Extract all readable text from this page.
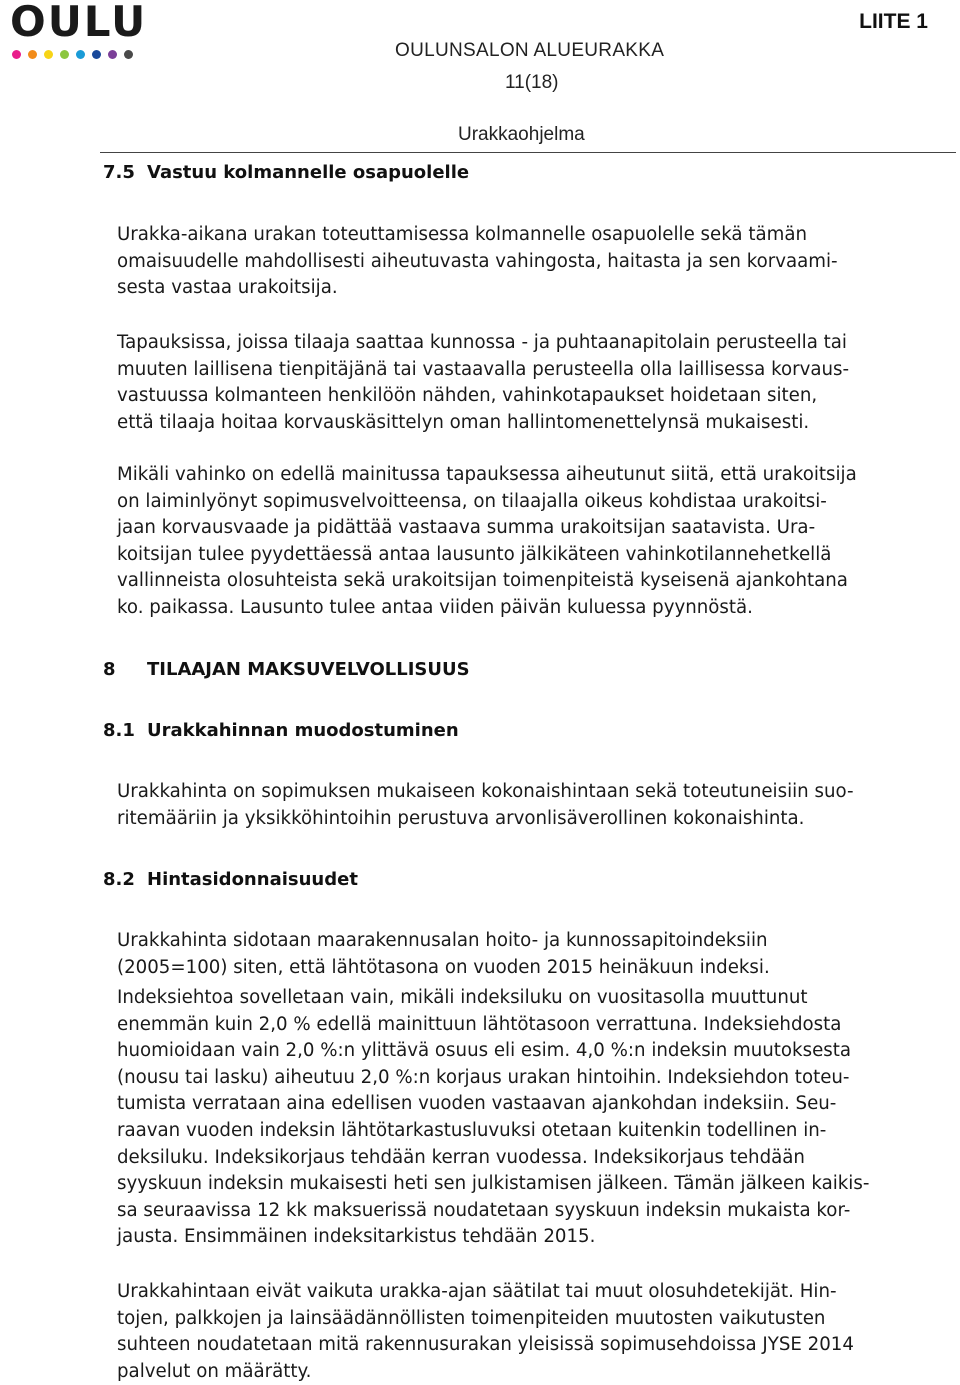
OULU	LIITE 1
OULUNSALON ALUEURAKKA
11(18)
Urakkaohjelma
7.5 Vastuu kolmannelle osapuolelle
Urakka-aikana urakan toteuttamisessa kolmannelle osapuolelle sekä tämän
omaisuudelle mahdollisesti aiheutuvasta vahingosta, haitasta ja sen korvaami-
sesta vastaa urakoitsija.
Tapauksissa, joissa tilaaja saattaa kunnossa - ja puhtaanapitolain perusteella tai
muuten laillisena tienpitäjänä tai vastaavalla perusteella olla laillisessa korvaus-
vastuussa kolmanteen henkilöön nähden, vahinkotapaukset hoidetaan siten,
että tilaaja hoitaa korvauskäsittelyn oman hallintomenettelynsä mukaisesti.
Mikäli vahinko on edellä mainitussa tapauksessa aiheutunut siitä, että urakoitsija
on laiminlyönyt sopimusvelvoitteensa, on tilaajalla oikeus kohdistaa urakoitsi-
jaan korvausvaade ja pidättää vastaava summa urakoitsijan saatavista. Ura-
koitsijan tulee pyydettäessä antaa lausunto jälkikäteen vahinkotilannehetkellä
vallinneista olosuhteista sekä urakoitsijan toimenpiteistä kyseisenä ajankohtana
ko. paikassa. Lausunto tulee antaa viiden päivän kuluessa pyynnöstä.
8 TILAAJAN MAKSUVELVOLLISUUS
8.1 Urakkahinnan muodostuminen
Urakkahinta on sopimuksen mukaiseen kokonaishintaan sekä toteutuneisiin suo-
ritemääriin ja yksikköhintoihin perustuva arvonlisäverollinen kokonaishinta.
8.2 Hintasidonnaisuudet
Urakkahinta sidotaan maarakennusalan hoito- ja kunnossapitoindeksiin
(2005=100) siten, että lähtötasona on vuoden 2015 heinäkuun indeksi.
Indeksiehtoa sovelletaan vain, mikäli indeksiluku on vuositasolla muuttunut
enemmän kuin 2,0 % edellä mainittuun lähtötasoon verrattuna. Indeksiehdosta
huomioidaan vain 2,0 %:n ylittävä osuus eli esim. 4,0 %:n indeksin muutoksesta
(nousu tai lasku) aiheutuu 2,0 %:n korjaus urakan hintoihin. Indeksiehdon toteu-
tumista verrataan aina edellisen vuoden vastaavan ajankohdan indeksiin. Seu-
raavan vuoden indeksin lähtötarkastusluvuksi otetaan kuitenkin todellinen in-
deksiluku. Indeksikorjaus tehdään kerran vuodessa. Indeksikorjaus tehdään
syyskuun indeksin mukaisesti heti sen julkistamisen jälkeen. Tämän jälkeen kaikis-
sa seuraavissa 12 kk maksuerissä noudatetaan syyskuun indeksin mukaista kor-
jausta. Ensimmäinen indeksitarkistus tehdään 2015.
Urakkahintaan eivät vaikuta urakka-ajan säätilat tai muut olosuhdetekijät. Hin-
tojen, palkkojen ja lainsäädännöllisten toimenpiteiden muutosten vaikutusten
suhteen noudatetaan mitä rakennusurakan yleisissä sopimusehdoissa JYSE 2014
palvelut on määrätty.
